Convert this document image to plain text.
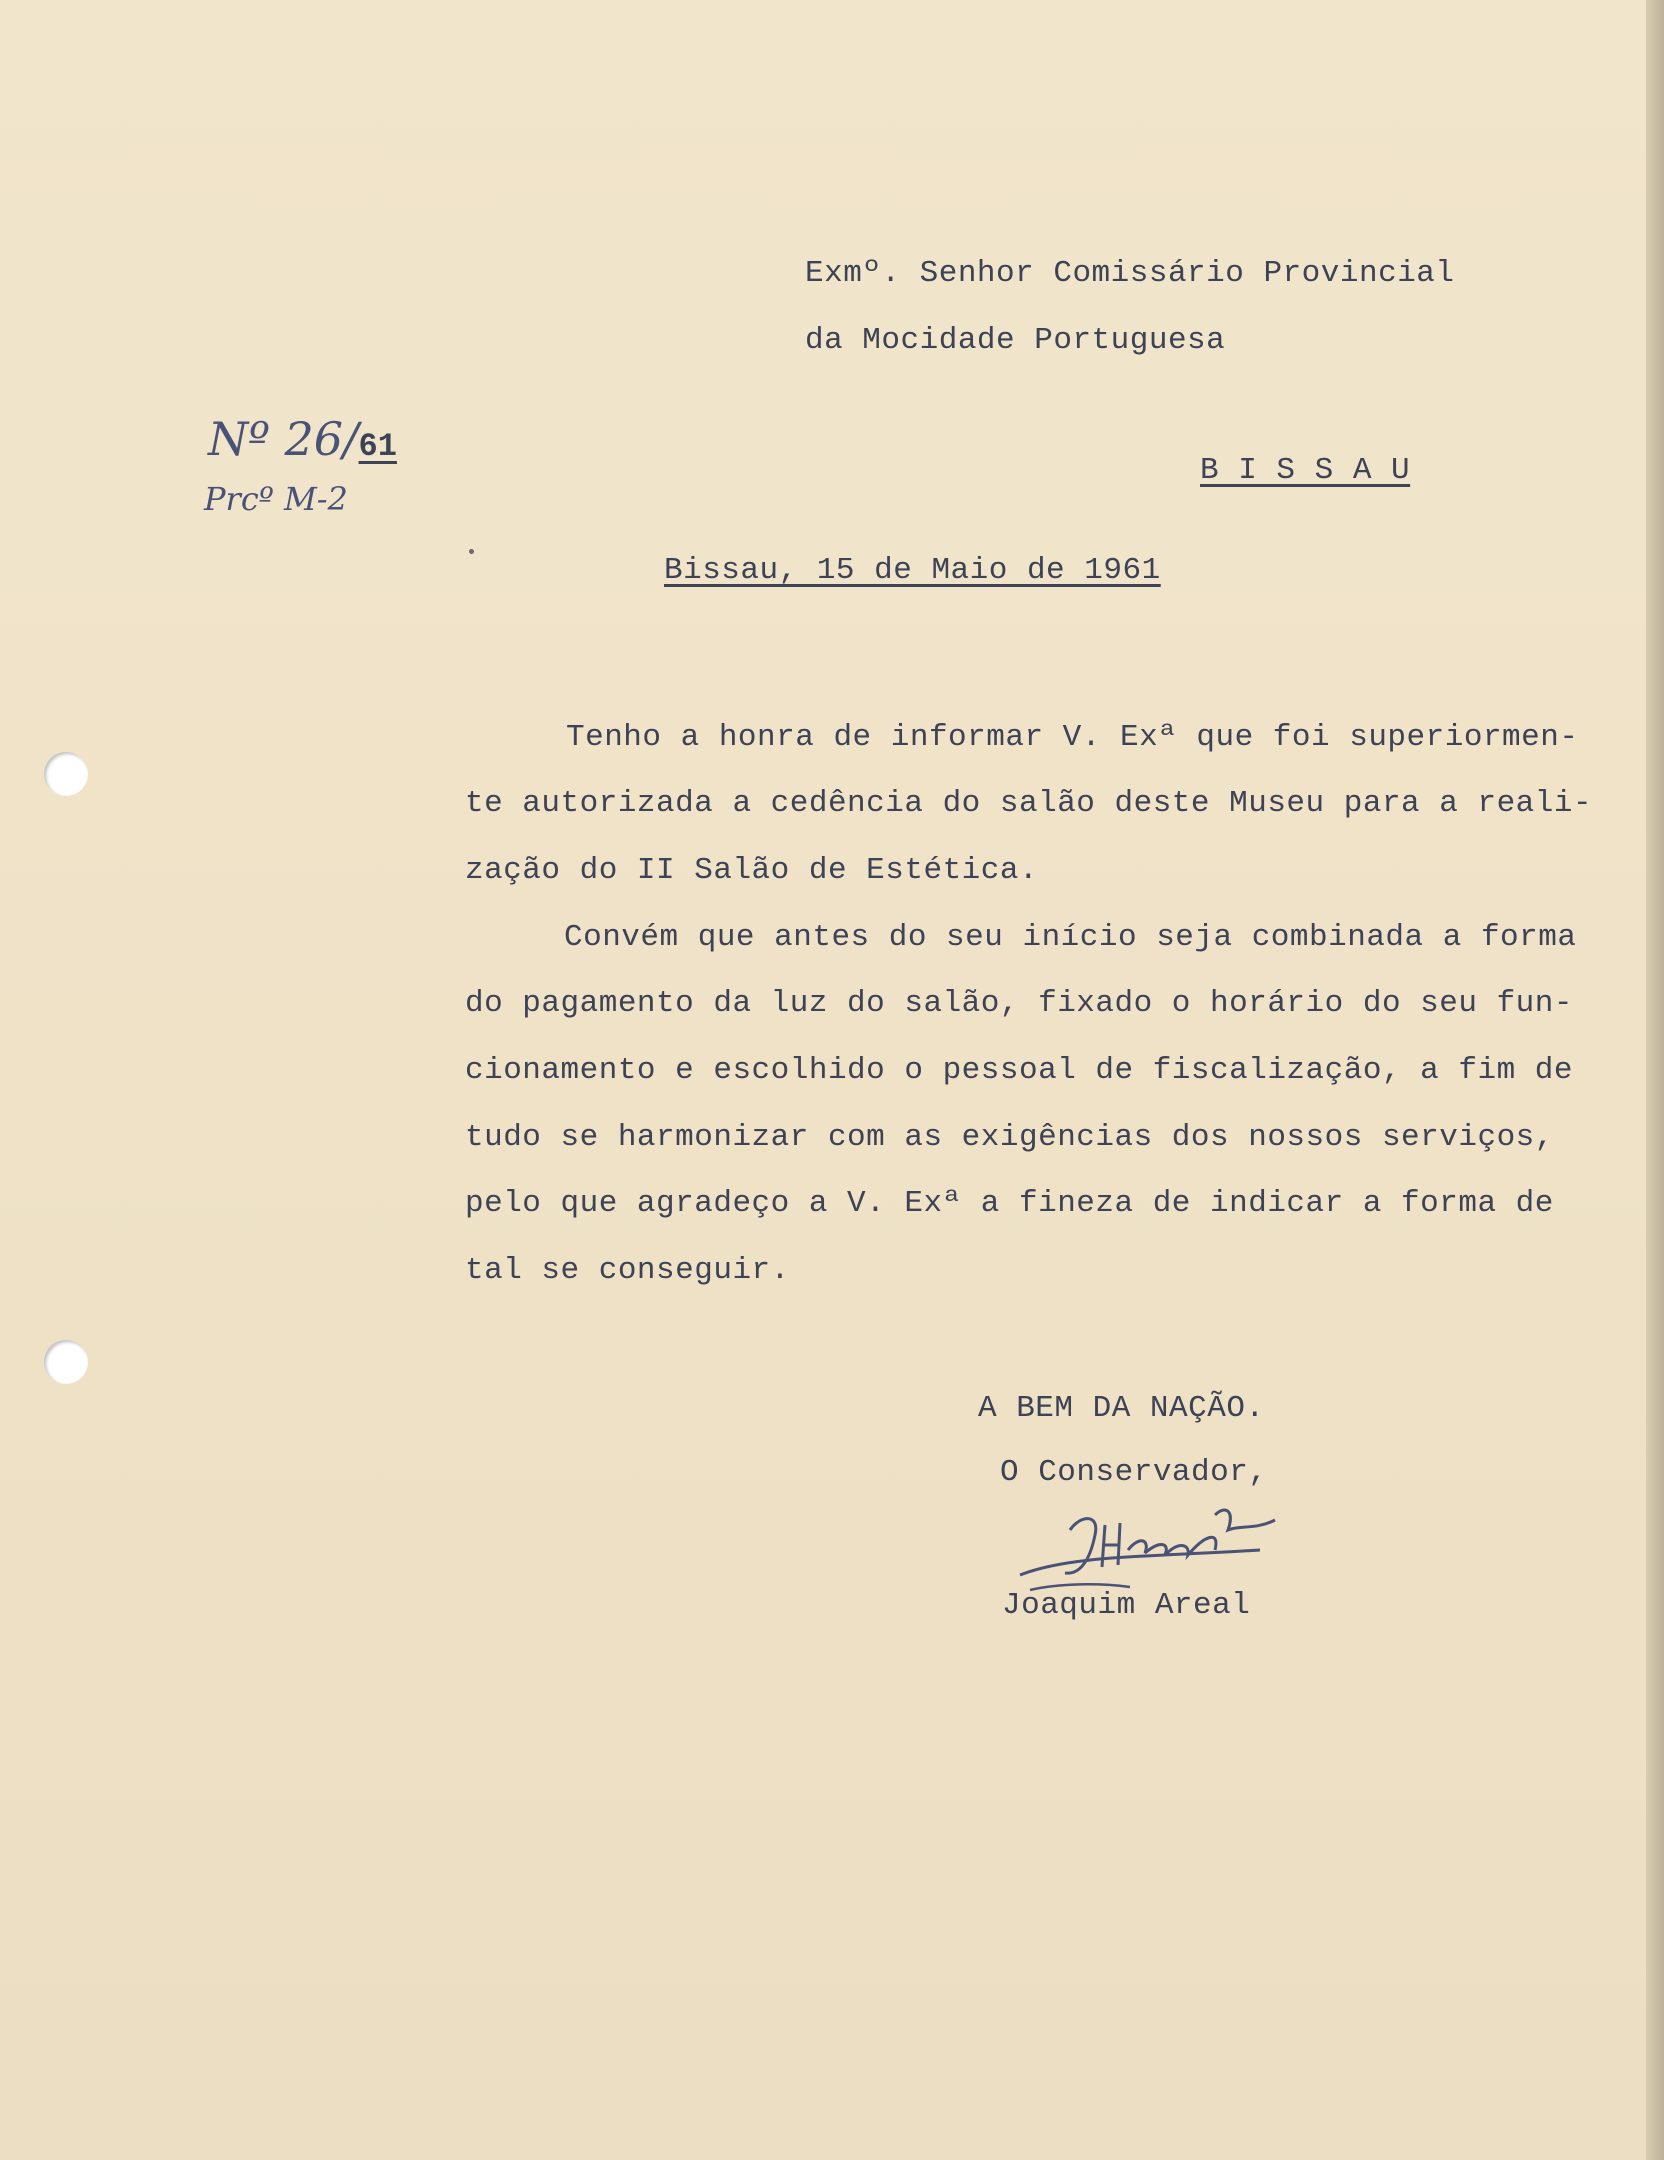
Exmº. Senhor Comissário Provincial
da Mocidade Portuguesa
Nº 26/61
Prcº M-2
B I S S A U
Bissau, 15 de Maio de 1961
Tenho a honra de informar V. Exª que foi superiormen-
te autorizada a cedência do salão deste Museu para a reali-
zação do II Salão de Estética.
Convém que antes do seu início seja combinada a forma
do pagamento da luz do salão, fixado o horário do seu fun-
cionamento e escolhido o pessoal de fiscalização, a fim de
tudo se harmonizar com as exigências dos nossos serviços,
pelo que agradeço a V. Exª a fineza de indicar a forma de
tal se conseguir.
A BEM DA NAÇÃO.
O Conservador,
Joaquim Areal
